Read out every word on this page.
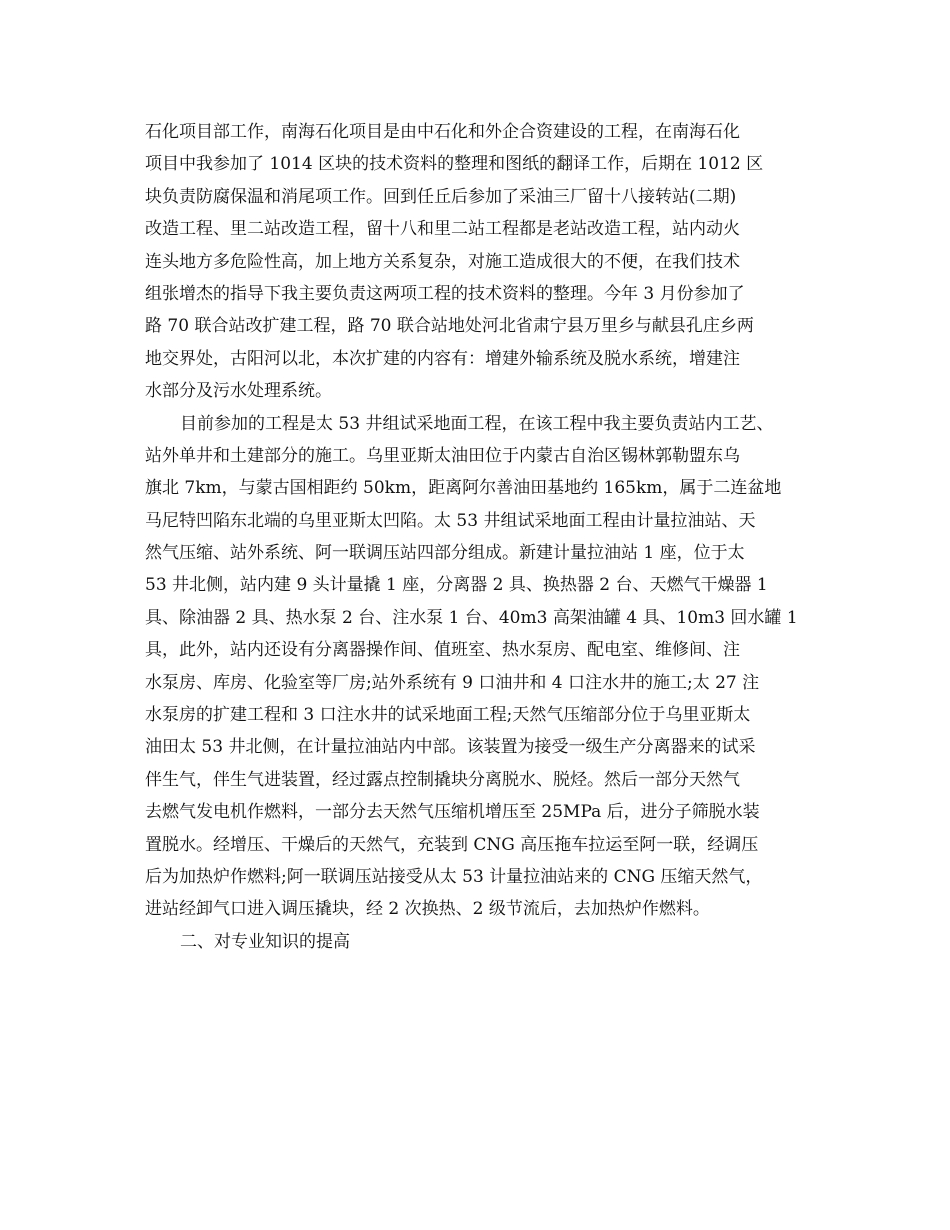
石化项目部工作，南海石化项目是由中石化和外企合资建设的工程，在南海石化
项目中我参加了 1014 区块的技术资料的整理和图纸的翻译工作，后期在 1012 区
块负责防腐保温和消尾项工作。回到任丘后参加了采油三厂留十八接转站(二期)
改造工程、里二站改造工程，留十八和里二站工程都是老站改造工程，站内动火
连头地方多危险性高，加上地方关系复杂，对施工造成很大的不便，在我们技术
组张增杰的指导下我主要负责这两项工程的技术资料的整理。今年 3 月份参加了
路 70 联合站改扩建工程，路 70 联合站地处河北省肃宁县万里乡与献县孔庄乡两
地交界处，古阳河以北，本次扩建的内容有：增建外输系统及脱水系统，增建注
水部分及污水处理系统。
目前参加的工程是太 53 井组试采地面工程，在该工程中我主要负责站内工艺、
站外单井和土建部分的施工。乌里亚斯太油田位于内蒙古自治区锡林郭勒盟东乌
旗北 7km，与蒙古国相距约 50km，距离阿尔善油田基地约 165km，属于二连盆地
马尼特凹陷东北端的乌里亚斯太凹陷。太 53 井组试采地面工程由计量拉油站、天
然气压缩、站外系统、阿一联调压站四部分组成。新建计量拉油站 1 座，位于太
53 井北侧，站内建 9 头计量撬 1 座，分离器 2 具、换热器 2 台、天燃气干燥器 1
具、除油器 2 具、热水泵 2 台、注水泵 1 台、40m3 高架油罐 4 具、10m3 回水罐 1
具，此外，站内还设有分离器操作间、值班室、热水泵房、配电室、维修间、注
水泵房、库房、化验室等厂房;站外系统有 9 口油井和 4 口注水井的施工;太 27 注
水泵房的扩建工程和 3 口注水井的试采地面工程;天然气压缩部分位于乌里亚斯太
油田太 53 井北侧，在计量拉油站内中部。该装置为接受一级生产分离器来的试采
伴生气，伴生气进装置，经过露点控制撬块分离脱水、脱烃。然后一部分天然气
去燃气发电机作燃料，一部分去天然气压缩机增压至 25MPa 后，进分子筛脱水装
置脱水。经增压、干燥后的天然气，充装到 CNG 高压拖车拉运至阿一联，经调压
后为加热炉作燃料;阿一联调压站接受从太 53 计量拉油站来的 CNG 压缩天然气，
进站经卸气口进入调压撬块，经 2 次换热、2 级节流后，去加热炉作燃料。
二、对专业知识的提高
